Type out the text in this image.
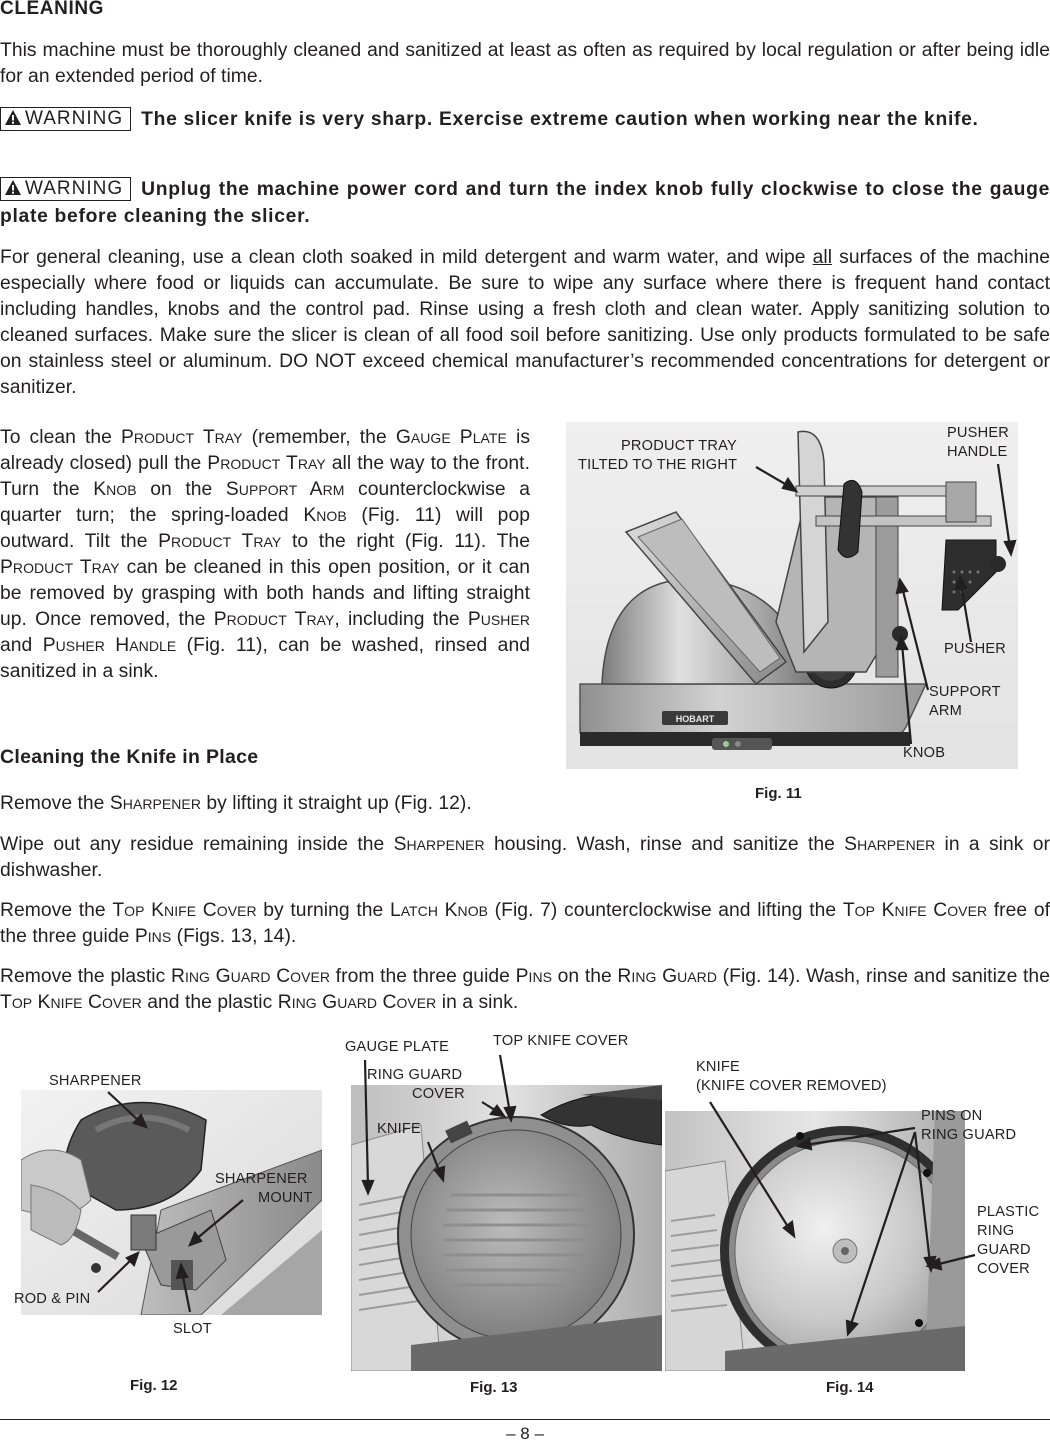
CLEANING

This machine must be thoroughly cleaned and sanitized at least as often as required by local regulation or after being idle for an extended period of time.

WARNING The slicer knife is very sharp. Exercise extreme caution when working near the knife.
WARNING Unplug the machine power cord and turn the index knob fully clockwise to close the gauge plate before cleaning the slicer.

For general cleaning, use a clean cloth soaked in mild detergent and warm water, and wipe all surfaces of the machine especially where food or liquids can accumulate. Be sure to wipe any surface where there is frequent hand contact including handles, knobs and the control pad. Rinse using a fresh cloth and clean water. Apply sanitizing solution to cleaned surfaces. Make sure the slicer is clean of all food soil before sanitizing. Use only products formulated to be safe on stainless steel or aluminum. DO NOT exceed chemical manufacturer’s recommended concentrations for detergent or sanitizer.

To clean the Product Tray (remember, the Gauge Plate is already closed) pull the Product Tray all the way to the front. Turn the Knob on the Support Arm counterclockwise a quarter turn; the spring-loaded Knob (Fig. 11) will pop outward. Tilt the Product Tray to the right (Fig. 11). The Product Tray can be cleaned in this open position, or it can be removed by grasping with both hands and lifting straight up. Once removed, the Product Tray, including the Pusher and Pusher Handle (Fig. 11), can be washed, rinsed and sanitized in a sink.

Cleaning the Knife in Place

Remove the Sharpener by lifting it straight up (Fig. 12).

Wipe out any residue remaining inside the Sharpener housing. Wash, rinse and sanitize the Sharpener in a sink or dishwasher.

Remove the Top Knife Cover by turning the Latch Knob (Fig. 7) counterclockwise and lifting the Top Knife Cover free of the three guide Pins (Figs. 13, 14).

Remove the plastic Ring Guard Cover from the three guide Pins on the Ring Guard (Fig. 14). Wash, rinse and sanitize the Top Knife Cover and the plastic Ring Guard Cover in a sink.

HOBART
PRODUCT TRAY
TILTED TO THE RIGHT
PUSHER
HANDLE
PUSHER
SUPPORT
ARM
KNOB
Fig. 11
SHARPENER
SHARPENER
MOUNT
ROD & PIN
SLOT
Fig. 12
GAUGE PLATE	TOP KNIFE COVER
RING GUARD
COVER
KNIFE
Fig. 13
KNIFE
(KNIFE COVER REMOVED)
PINS ON
RING GUARD
PLASTIC
RING
GUARD
COVER
Fig. 14
– 8 –
